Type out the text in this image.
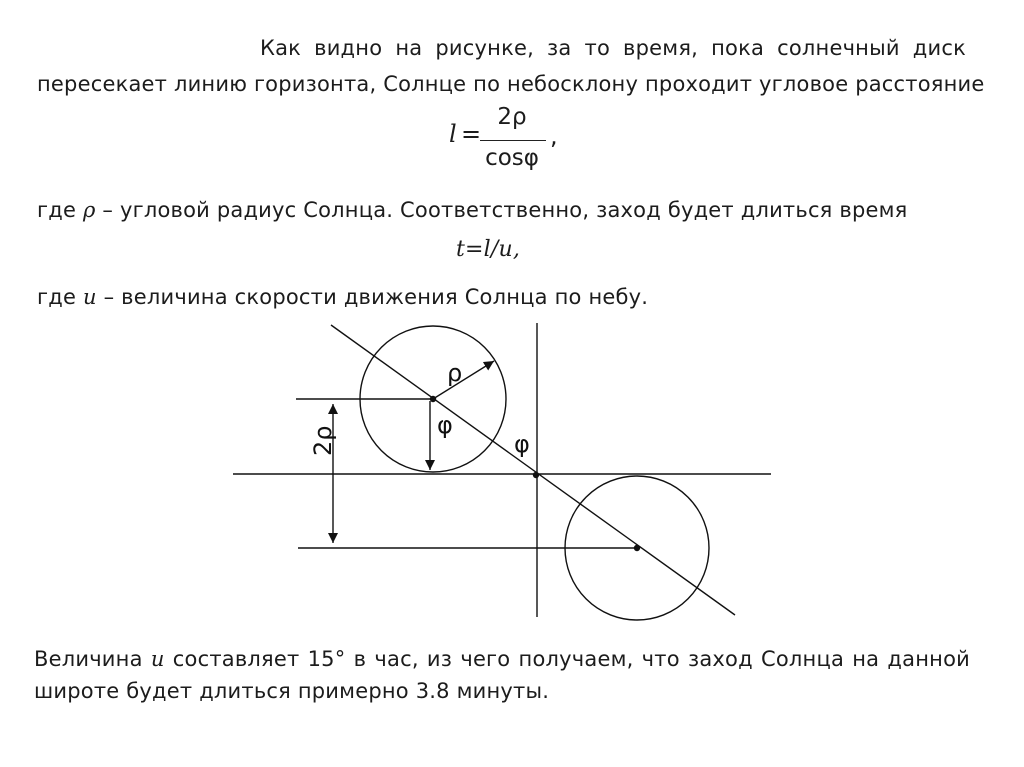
Как видно на рисунке, за то время, пока солнечный диск
пересекает линию горизонта, Солнце по небосклону проходит угловое расстояние
l =
2ρ
cosφ
,
где ρ – угловой радиус Солнца. Соответственно, заход будет длиться время
t=l/u,
где u – величина скорости движения Солнца по небу.
ρ
φ
φ
2ρ
Величина u составляет 15° в час, из чего получаем, что заход Солнца на данной
широте будет длиться примерно 3.8 минуты.
